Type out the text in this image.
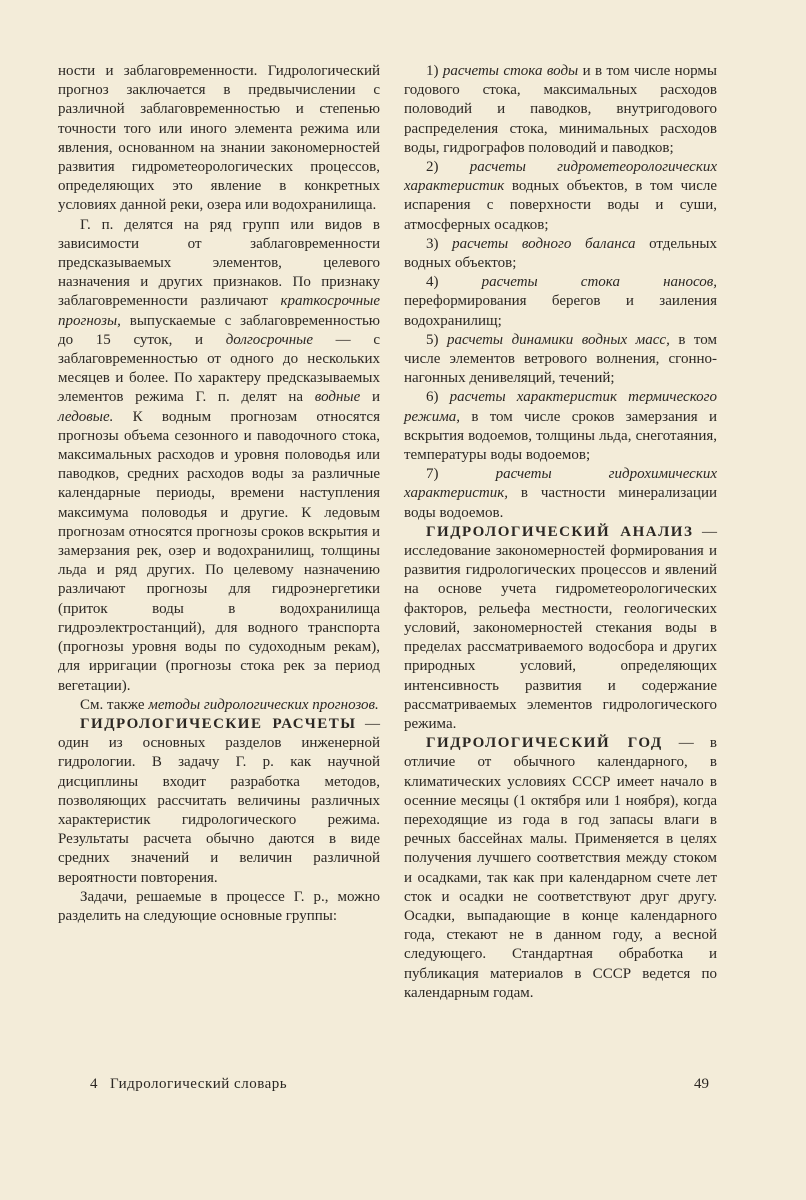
ности и заблаговременности. Гидрологический прогноз заключается в предвычислении с различной заблаговременностью и степенью точности того или иного элемента режима или явления, основанном на знании закономерностей развития гидрометеорологических процессов, определяющих это явление в конкретных условиях данной реки, озера или водохранилища.

Г. п. делятся на ряд групп или видов в зависимости от заблаговременности предсказываемых элементов, целевого назначения и других признаков. По признаку заблаговременности различают краткосрочные прогнозы, выпускаемые с заблаговременностью до 15 суток, и долгосрочные — с заблаговременностью от одного до нескольких месяцев и более. По характеру предсказываемых элементов режима Г. п. делят на водные и ледовые. К водным прогнозам относятся прогнозы объема сезонного и паводочного стока, максимальных расходов и уровня половодья или паводков, средних расходов воды за различные календарные периоды, времени наступления максимума половодья и другие. К ледовым прогнозам относятся прогнозы сроков вскрытия и замерзания рек, озер и водохранилищ, толщины льда и ряд других. По целевому назначению различают прогнозы для гидроэнергетики (приток воды в водохранилища гидроэлектростанций), для водного транспорта (прогнозы уровня воды по судоходным рекам), для ирригации (прогнозы стока рек за период вегетации).

См. также методы гидрологических прогнозов.

ГИДРОЛОГИЧЕСКИЕ РАСЧЕТЫ — один из основных разделов инженерной гидрологии. В задачу Г. р. как научной дисциплины входит разработка методов, позволяющих рассчитать величины различных характеристик гидрологического режима. Результаты расчета обычно даются в виде средних значений и величин различной вероятности повторения.

Задачи, решаемые в процессе Г. р., можно разделить на следующие основные группы:

1) расчеты стока воды и в том числе нормы годового стока, максимальных расходов половодий и паводков, внутригодового распределения стока, минимальных расходов воды, гидрографов половодий и паводков;

2) расчеты гидрометеорологических характеристик водных объектов, в том числе испарения с поверхности воды и суши, атмосферных осадков;

3) расчеты водного баланса отдельных водных объектов;

4) расчеты стока наносов, переформирования берегов и заиления водохранилищ;

5) расчеты динамики водных масс, в том числе элементов ветрового волнения, сгонно-нагонных денивеляций, течений;

6) расчеты характеристик термического режима, в том числе сроков замерзания и вскрытия водоемов, толщины льда, снеготаяния, температуры воды водоемов;

7) расчеты гидрохимических характеристик, в частности минерализации воды водоемов.

ГИДРОЛОГИЧЕСКИЙ АНАЛИЗ — исследование закономерностей формирования и развития гидрологических процессов и явлений на основе учета гидрометеорологических факторов, рельефа местности, геологических условий, закономерностей стекания воды в пределах рассматриваемого водосбора и других природных условий, определяющих интенсивность развития и содержание рассматриваемых элементов гидрологического режима.

ГИДРОЛОГИЧЕСКИЙ ГОД — в отличие от обычного календарного, в климатических условиях СССР имеет начало в осенние месяцы (1 октября или 1 ноября), когда переходящие из года в год запасы влаги в речных бассейнах малы. Применяется в целях получения лучшего соответствия между стоком и осадками, так как при календарном счете лет сток и осадки не соответствуют друг другу. Осадки, выпадающие в конце календарного года, стекают не в данном году, а весной следующего. Стандартная обработка и публикация материалов в СССР ведется по календарным годам.

4 Гидрологический словарь	49
